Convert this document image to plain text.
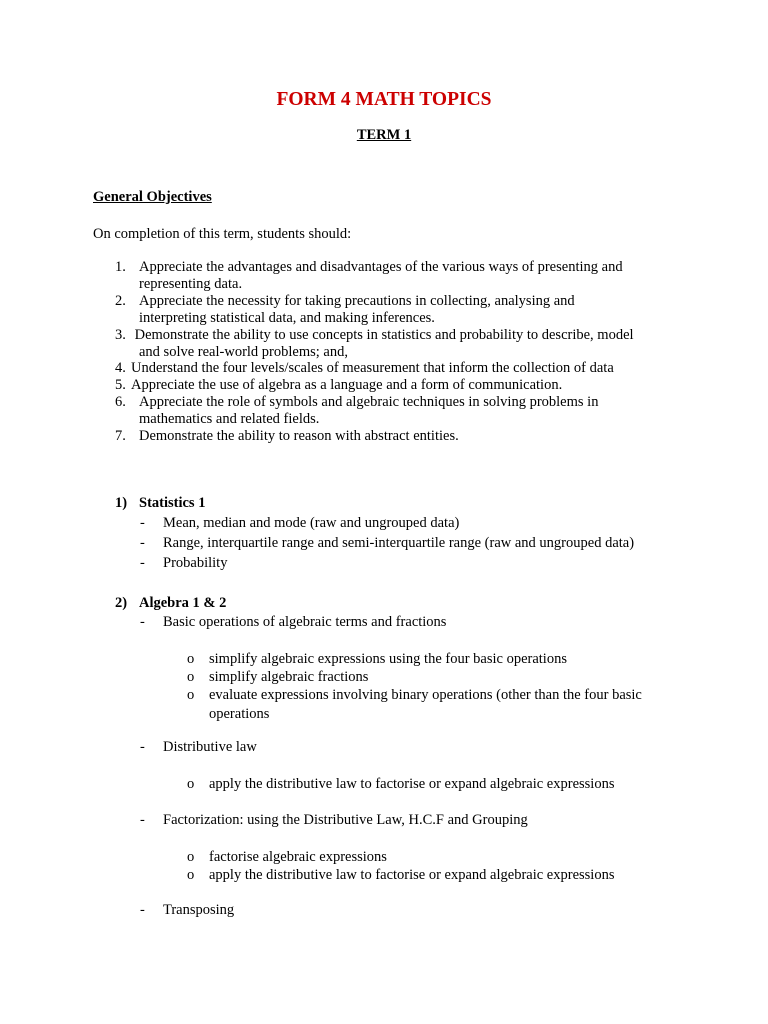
FORM 4 MATH TOPICS
TERM 1
General Objectives
On completion of this term, students should:
1. Appreciate the advantages and disadvantages of the various ways of presenting and
representing data.
2. Appreciate the necessity for taking precautions in collecting, analysing and
interpreting statistical data, and making inferences.
3. Demonstrate the ability to use concepts in statistics and probability to describe, model
and solve real-world problems; and,
4. Understand the four levels/scales of measurement that inform the collection of data
5. Appreciate the use of algebra as a language and a form of communication.
6. Appreciate the role of symbols and algebraic techniques in solving problems in
mathematics and related fields.
7. Demonstrate the ability to reason with abstract entities.
1) Statistics 1
- Mean, median and mode (raw and ungrouped data)
- Range, interquartile range and semi-interquartile range (raw and ungrouped data)
- Probability
2) Algebra 1 & 2
- Basic operations of algebraic terms and fractions
o simplify algebraic expressions using the four basic operations
o simplify algebraic fractions
o evaluate expressions involving binary operations (other than the four basic
operations
- Distributive law
o apply the distributive law to factorise or expand algebraic expressions
- Factorization: using the Distributive Law, H.C.F and Grouping
o factorise algebraic expressions
o apply the distributive law to factorise or expand algebraic expressions
- Transposing
